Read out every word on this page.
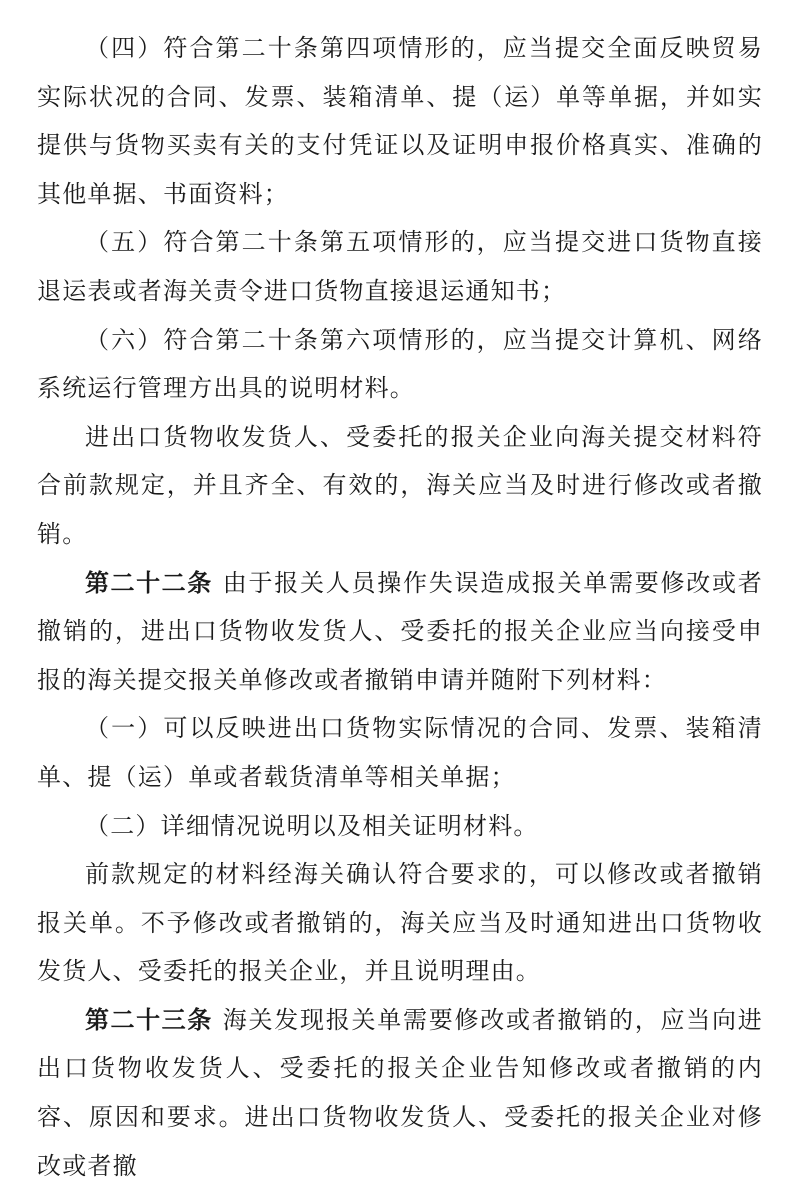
（四）符合第二十条第四项情形的，应当提交全面反映贸易实际状况的合同、发票、装箱清单、提（运）单等单据，并如实提供与货物买卖有关的支付凭证以及证明申报价格真实、准确的其他单据、书面资料；

（五）符合第二十条第五项情形的，应当提交进口货物直接退运表或者海关责令进口货物直接退运通知书；

（六）符合第二十条第六项情形的，应当提交计算机、网络系统运行管理方出具的说明材料。

进出口货物收发货人、受委托的报关企业向海关提交材料符合前款规定，并且齐全、有效的，海关应当及时进行修改或者撤销。

第二十二条 由于报关人员操作失误造成报关单需要修改或者撤销的，进出口货物收发货人、受委托的报关企业应当向接受申报的海关提交报关单修改或者撤销申请并随附下列材料：

（一）可以反映进出口货物实际情况的合同、发票、装箱清单、提（运）单或者载货清单等相关单据；

（二）详细情况说明以及相关证明材料。

前款规定的材料经海关确认符合要求的，可以修改或者撤销报关单。不予修改或者撤销的，海关应当及时通知进出口货物收发货人、受委托的报关企业，并且说明理由。

第二十三条 海关发现报关单需要修改或者撤销的，应当向进出口货物收发货人、受委托的报关企业告知修改或者撤销的内容、原因和要求。进出口货物收发货人、受委托的报关企业对修改或者撤
